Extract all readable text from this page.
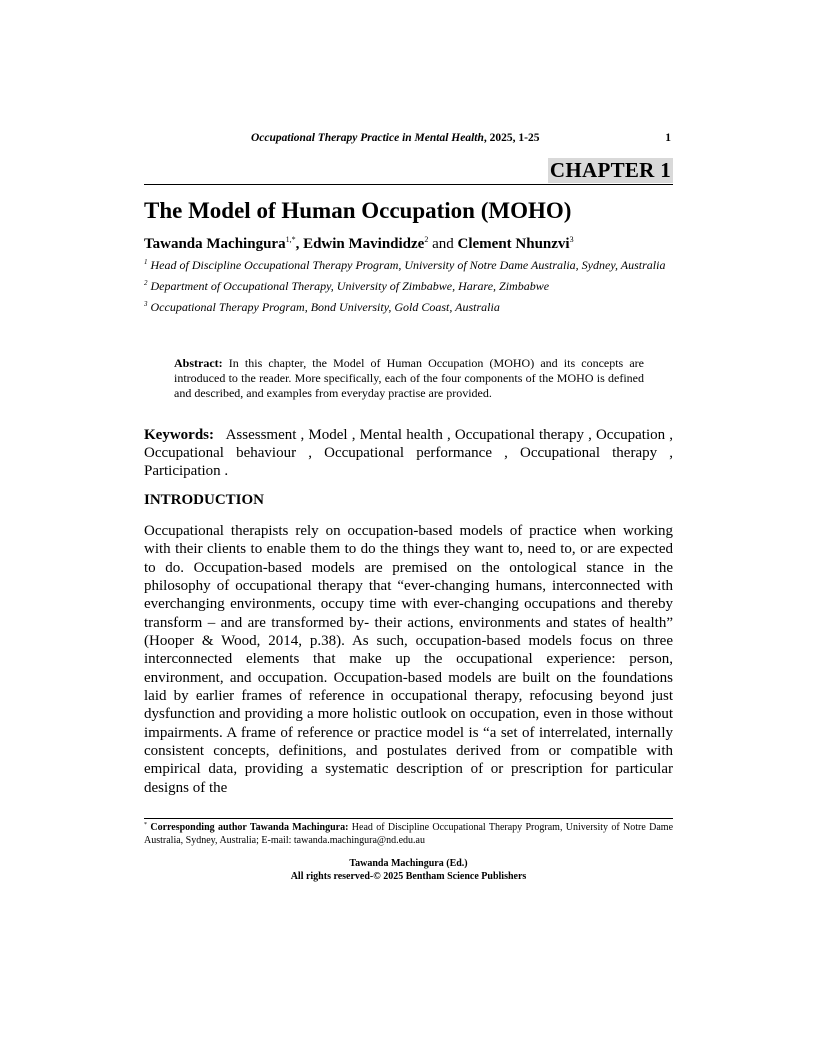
Occupational Therapy Practice in Mental Health, 2025, 1-25	1
CHAPTER 1
The Model of Human Occupation (MOHO)
Tawanda Machingura$^{1,*}$, Edwin Mavindidze$^2$ and Clement Nhunzvi$^3$

$^1$ Head of Discipline Occupational Therapy Program, University of Notre Dame Australia, Sydney, Australia

$^2$ Department of Occupational Therapy, University of Zimbabwe, Harare, Zimbabwe

$^3$ Occupational Therapy Program, Bond University, Gold Coast, Australia

Abstract: In this chapter, the Model of Human Occupation (MOHO) and its concepts are introduced to the reader. More specifically, each of the four components of the MOHO is defined and described, and examples from everyday practise are provided.
Keywords: Assessment , Model , Mental health , Occupational therapy , Occupation , Occupational behaviour , Occupational performance , Occupational therapy , Participation .
INTRODUCTION
Occupational therapists rely on occupation-based models of practice when working with their clients to enable them to do the things they want to, need to, or are expected to do. Occupation-based models are premised on the ontological stance in the philosophy of occupational therapy that “ever-changing humans, interconnected with everchanging environments, occupy time with ever-changing occupations and thereby transform – and are transformed by- their actions, environments and states of health” (Hooper & Wood, 2014, p.38). As such, occupation-based models focus on three interconnected elements that make up the occupational experience: person, environment, and occupation. Occupation-based models are built on the foundations laid by earlier frames of reference in occupational therapy, refocusing beyond just dysfunction and providing a more holistic outlook on occupation, even in those without impairments. A frame of reference or practice model is “a set of interrelated, internally consistent concepts, definitions, and postulates derived from or compatible with empirical data, providing a systematic description of or prescription for particular designs of the
* Corresponding author Tawanda Machingura: Head of Discipline Occupational Therapy Program, University of Notre Dame Australia, Sydney, Australia; E-mail: tawanda.machingura@nd.edu.au
Tawanda Machingura (Ed.)
All rights reserved-© 2025 Bentham Science Publishers
